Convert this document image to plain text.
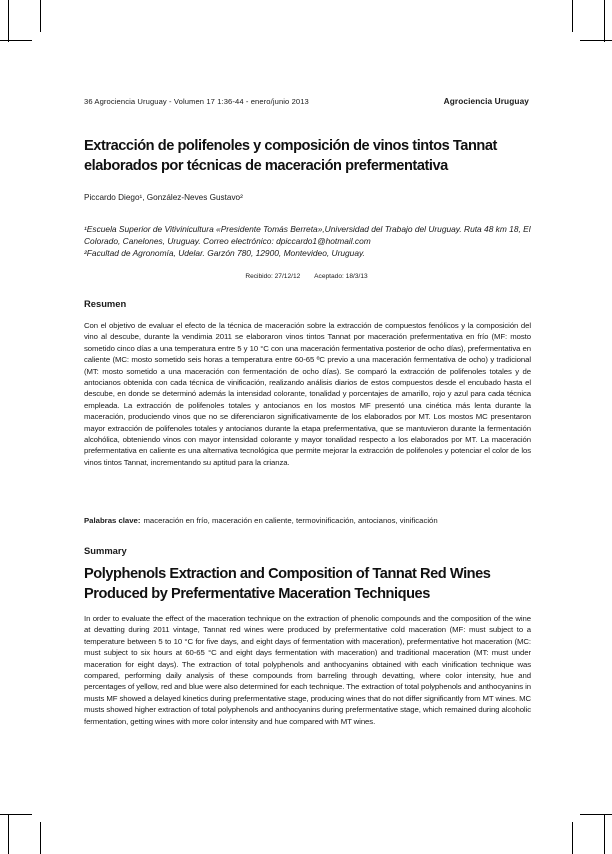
36 Agrociencia Uruguay - Volumen 17 1:36-44 - enero/junio 2013	Agrociencia Uruguay
Extracción de polifenoles y composición de vinos tintos Tannat elaborados por técnicas de maceración prefermentativa
Piccardo Diego¹, González-Neves Gustavo²
¹Escuela Superior de Vitivinicultura «Presidente Tomás Berreta»,Universidad del Trabajo del Uruguay. Ruta 48 km 18, El Colorado, Canelones, Uruguay. Correo electrónico: dpiccardo1@hotmail.com
²Facultad de Agronomía, Udelar. Garzón 780, 12900, Montevideo, Uruguay.
Recibido: 27/12/12 Aceptado: 18/3/13
Resumen
Con el objetivo de evaluar el efecto de la técnica de maceración sobre la extracción de compuestos fenólicos y la composición del vino al descube, durante la vendimia 2011 se elaboraron vinos tintos Tannat por maceración prefermentativa en frío (MF: mosto sometido cinco días a una temperatura entre 5 y 10 °C con una maceración fermentativa posterior de ocho días), prefermentativa en caliente (MC: mosto sometido seis horas a temperatura entre 60-65 ºC previo a una maceración fermentativa de ocho) y tradicional (MT: mosto sometido a una maceración con fermentación de ocho días). Se comparó la extracción de polifenoles totales y de antocianos obtenida con cada técnica de vinificación, realizando análisis diarios de estos compuestos desde el encubado hasta el descube, en donde se determinó además la intensidad colorante, tonalidad y porcentajes de amarillo, rojo y azul para cada técnica empleada. La extracción de polifenoles totales y antocianos en los mostos MF presentó una cinética más lenta durante la maceración, produciendo vinos que no se diferenciaron significativamente de los elaborados por MT. Los mostos MC presentaron mayor extracción de polifenoles totales y antocianos durante la etapa prefermentativa, que se mantuvieron durante la fermentación alcohólica, obteniendo vinos con mayor intensidad colorante y mayor tonalidad respecto a los elaborados por MT. La maceración prefermentativa en caliente es una alternativa tecnológica que permite mejorar la extracción de polifenoles y potenciar el color de los vinos tintos Tannat, incrementando su aptitud para la crianza.
Palabras clave: maceración en frío, maceración en caliente, termovinificación, antocianos, vinificación
Summary
Polyphenols Extraction and Composition of Tannat Red Wines Produced by Prefermentative Maceration Techniques
In order to evaluate the effect of the maceration technique on the extraction of phenolic compounds and the composition of the wine at devatting during 2011 vintage, Tannat red wines were produced by prefermentative cold maceration (MF: must subject to a temperature between 5 to 10 °C for five days, and eight days of fermentation with maceration), prefermentative hot maceration (MC: must subject to six hours at 60-65 °C and eight days fermentation with maceration) and traditional maceration (MT: must under maceration for eight days). The extraction of total polyphenols and anthocyanins obtained with each vinification technique was compared, performing daily analysis of these compounds from barreling through devatting, where color intensity, hue and percentages of yellow, red and blue were also determined for each technique. The extraction of total polyphenols and anthocyanins in musts MF showed a delayed kinetics during prefermentative stage, producing wines that do not differ significantly from MT wines. MC musts showed higher extraction of total polyphenols and anthocyanins during prefermentative stage, which remained during alcoholic fermentation, getting wines with more color intensity and hue compared with MT wines.
